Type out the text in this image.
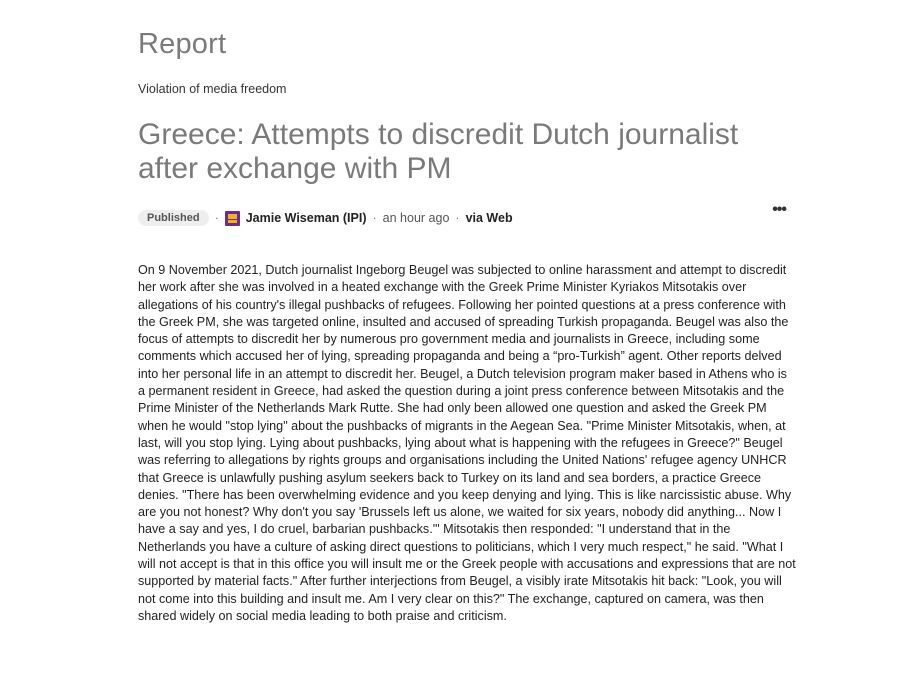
Report
Violation of media freedom
Greece: Attempts to discredit Dutch journalist after exchange with PM
Published	· Jamie Wiseman (IPI) · an hour ago · via Web	•••

On 9 November 2021, Dutch journalist Ingeborg Beugel was subjected to online harassment and attempt to discredit her work after she was involved in a heated exchange with the Greek Prime Minister Kyriakos Mitsotakis over allegations of his country's illegal pushbacks of refugees. Following her pointed questions at a press conference with the Greek PM, she was targeted online, insulted and accused of spreading Turkish propaganda. Beugel was also the focus of attempts to discredit her by numerous pro government media and journalists in Greece, including some comments which accused her of lying, spreading propaganda and being a “pro-Turkish” agent. Other reports delved into her personal life in an attempt to discredit her. Beugel, a Dutch television program maker based in Athens who is a permanent resident in Greece, had asked the question during a joint press conference between Mitsotakis and the Prime Minister of the Netherlands Mark Rutte. She had only been allowed one question and asked the Greek PM when he would "stop lying" about the pushbacks of migrants in the Aegean Sea. "Prime Minister Mitsotakis, when, at last, will you stop lying. Lying about pushbacks, lying about what is happening with the refugees in Greece?" Beugel was referring to allegations by rights groups and organisations including the United Nations' refugee agency UNHCR that Greece is unlawfully pushing asylum seekers back to Turkey on its land and sea borders, a practice Greece denies. "There has been overwhelming evidence and you keep denying and lying. This is like narcissistic abuse. Why are you not honest? Why don't you say 'Brussels left us alone, we waited for six years, nobody did anything... Now I have a say and yes, I do cruel, barbarian pushbacks.'" Mitsotakis then responded: "I understand that in the Netherlands you have a culture of asking direct questions to politicians, which I very much respect," he said. "What I will not accept is that in this office you will insult me or the Greek people with accusations and expressions that are not supported by material facts." After further interjections from Beugel, a visibly irate Mitsotakis hit back: "Look, you will not come into this building and insult me. Am I very clear on this?" The exchange, captured on camera, was then shared widely on social media leading to both praise and criticism.
